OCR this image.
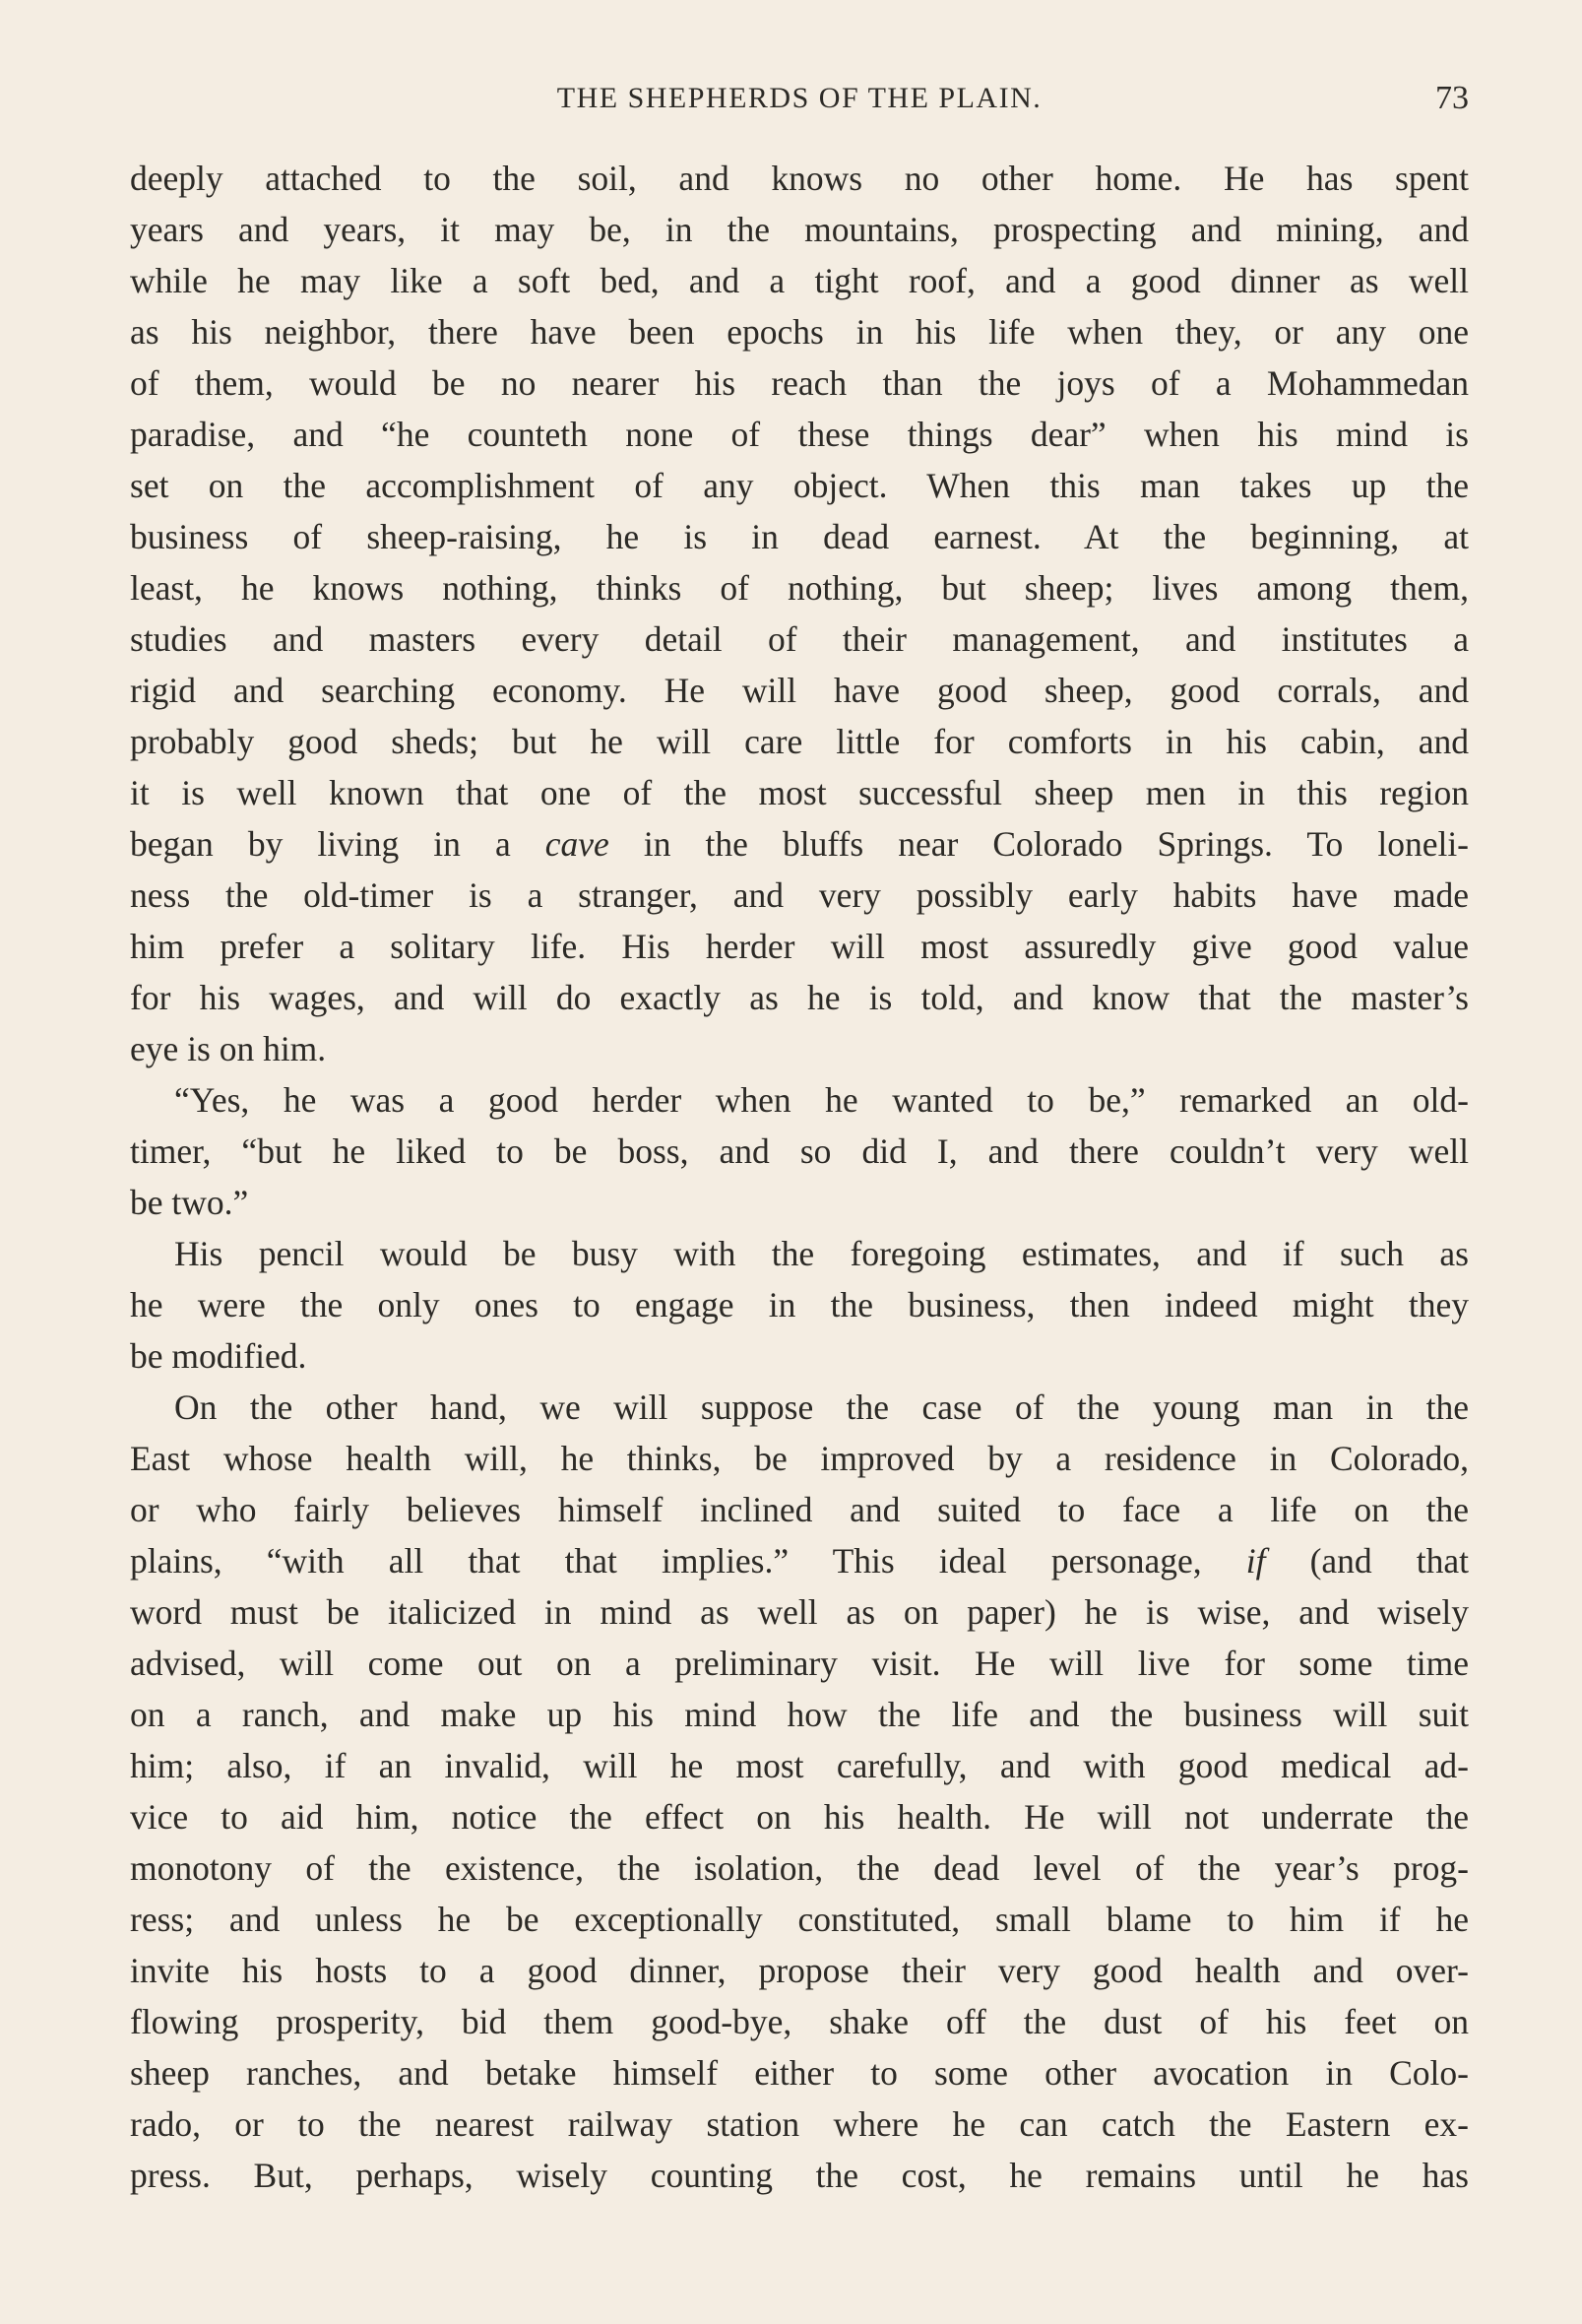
THE SHEPHERDS OF THE PLAIN.	73
deeply attached to the soil, and knows no other home. He has spent
years and years, it may be, in the mountains, prospecting and mining, and
while he may like a soft bed, and a tight roof, and a good dinner as well
as his neighbor, there have been epochs in his life when they, or any one
of them, would be no nearer his reach than the joys of a Mohammedan
paradise, and “he counteth none of these things dear” when his mind is
set on the accomplishment of any object. When this man takes up the
business of sheep-raising, he is in dead earnest. At the beginning, at
least, he knows nothing, thinks of nothing, but sheep; lives among them,
studies and masters every detail of their management, and institutes a
rigid and searching economy. He will have good sheep, good corrals, and
probably good sheds; but he will care little for comforts in his cabin, and
it is well known that one of the most successful sheep men in this region
began by living in a cave in the bluffs near Colorado Springs. To loneli-
ness the old-timer is a stranger, and very possibly early habits have made
him prefer a solitary life. His herder will most assuredly give good value
for his wages, and will do exactly as he is told, and know that the master’s
eye is on him.
“Yes, he was a good herder when he wanted to be,” remarked an old-
timer, “but he liked to be boss, and so did I, and there couldn’t very well
be two.”
His pencil would be busy with the foregoing estimates, and if such as
he were the only ones to engage in the business, then indeed might they
be modified.
On the other hand, we will suppose the case of the young man in the
East whose health will, he thinks, be improved by a residence in Colorado,
or who fairly believes himself inclined and suited to face a life on the
plains, “with all that that implies.” This ideal personage, if (and that
word must be italicized in mind as well as on paper) he is wise, and wisely
advised, will come out on a preliminary visit. He will live for some time
on a ranch, and make up his mind how the life and the business will suit
him; also, if an invalid, will he most carefully, and with good medical ad-
vice to aid him, notice the effect on his health. He will not underrate the
monotony of the existence, the isolation, the dead level of the year’s prog-
ress; and unless he be exceptionally constituted, small blame to him if he
invite his hosts to a good dinner, propose their very good health and over-
flowing prosperity, bid them good-bye, shake off the dust of his feet on
sheep ranches, and betake himself either to some other avocation in Colo-
rado, or to the nearest railway station where he can catch the Eastern ex-
press. But, perhaps, wisely counting the cost, he remains until he has
